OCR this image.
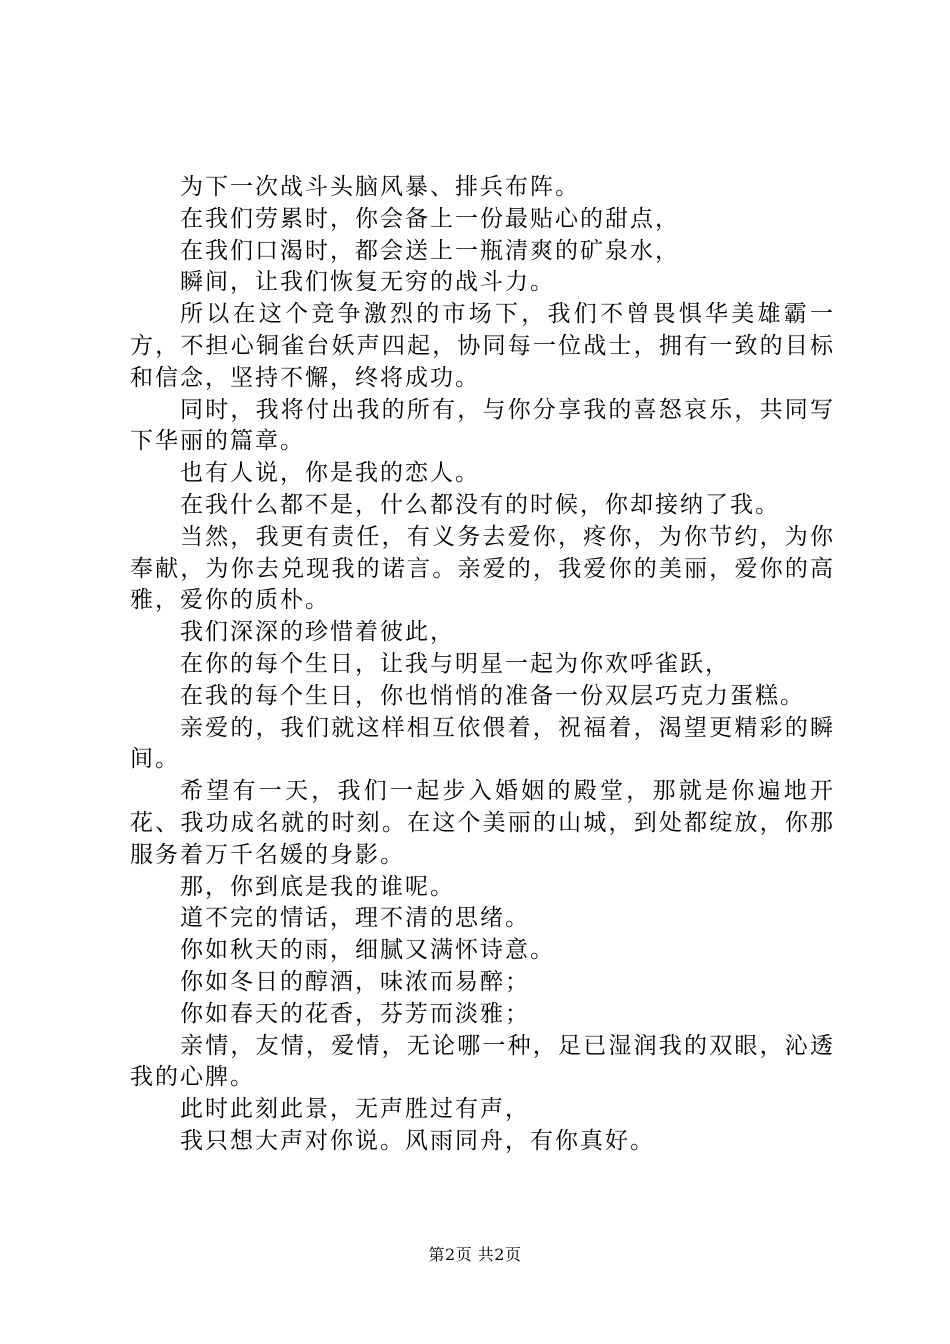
为下一次战斗头脑风暴、排兵布阵。

在我们劳累时，你会备上一份最贴心的甜点，

在我们口渴时，都会送上一瓶清爽的矿泉水，

瞬间，让我们恢复无穷的战斗力。

所以在这个竞争激烈的市场下，我们不曾畏惧华美雄霸一方，不担心铜雀台妖声四起，协同每一位战士，拥有一致的目标和信念，坚持不懈，终将成功。

同时，我将付出我的所有，与你分享我的喜怒哀乐，共同写下华丽的篇章。

也有人说，你是我的恋人。

在我什么都不是，什么都没有的时候，你却接纳了我。

当然，我更有责任，有义务去爱你，疼你，为你节约，为你奉献，为你去兑现我的诺言。亲爱的，我爱你的美丽，爱你的高雅，爱你的质朴。

我们深深的珍惜着彼此，

在你的每个生日，让我与明星一起为你欢呼雀跃，

在我的每个生日，你也悄悄的准备一份双层巧克力蛋糕。

亲爱的，我们就这样相互依偎着，祝福着，渴望更精彩的瞬间。

希望有一天，我们一起步入婚姻的殿堂，那就是你遍地开花、我功成名就的时刻。在这个美丽的山城，到处都绽放，你那服务着万千名媛的身影。

那，你到底是我的谁呢。

道不完的情话，理不清的思绪。

你如秋天的雨，细腻又满怀诗意。

你如冬日的醇酒，味浓而易醉；

你如春天的花香，芬芳而淡雅；

亲情，友情，爱情，无论哪一种，足已湿润我的双眼，沁透我的心脾。

此时此刻此景，无声胜过有声，

我只想大声对你说。风雨同舟，有你真好。

第2页 共2页
